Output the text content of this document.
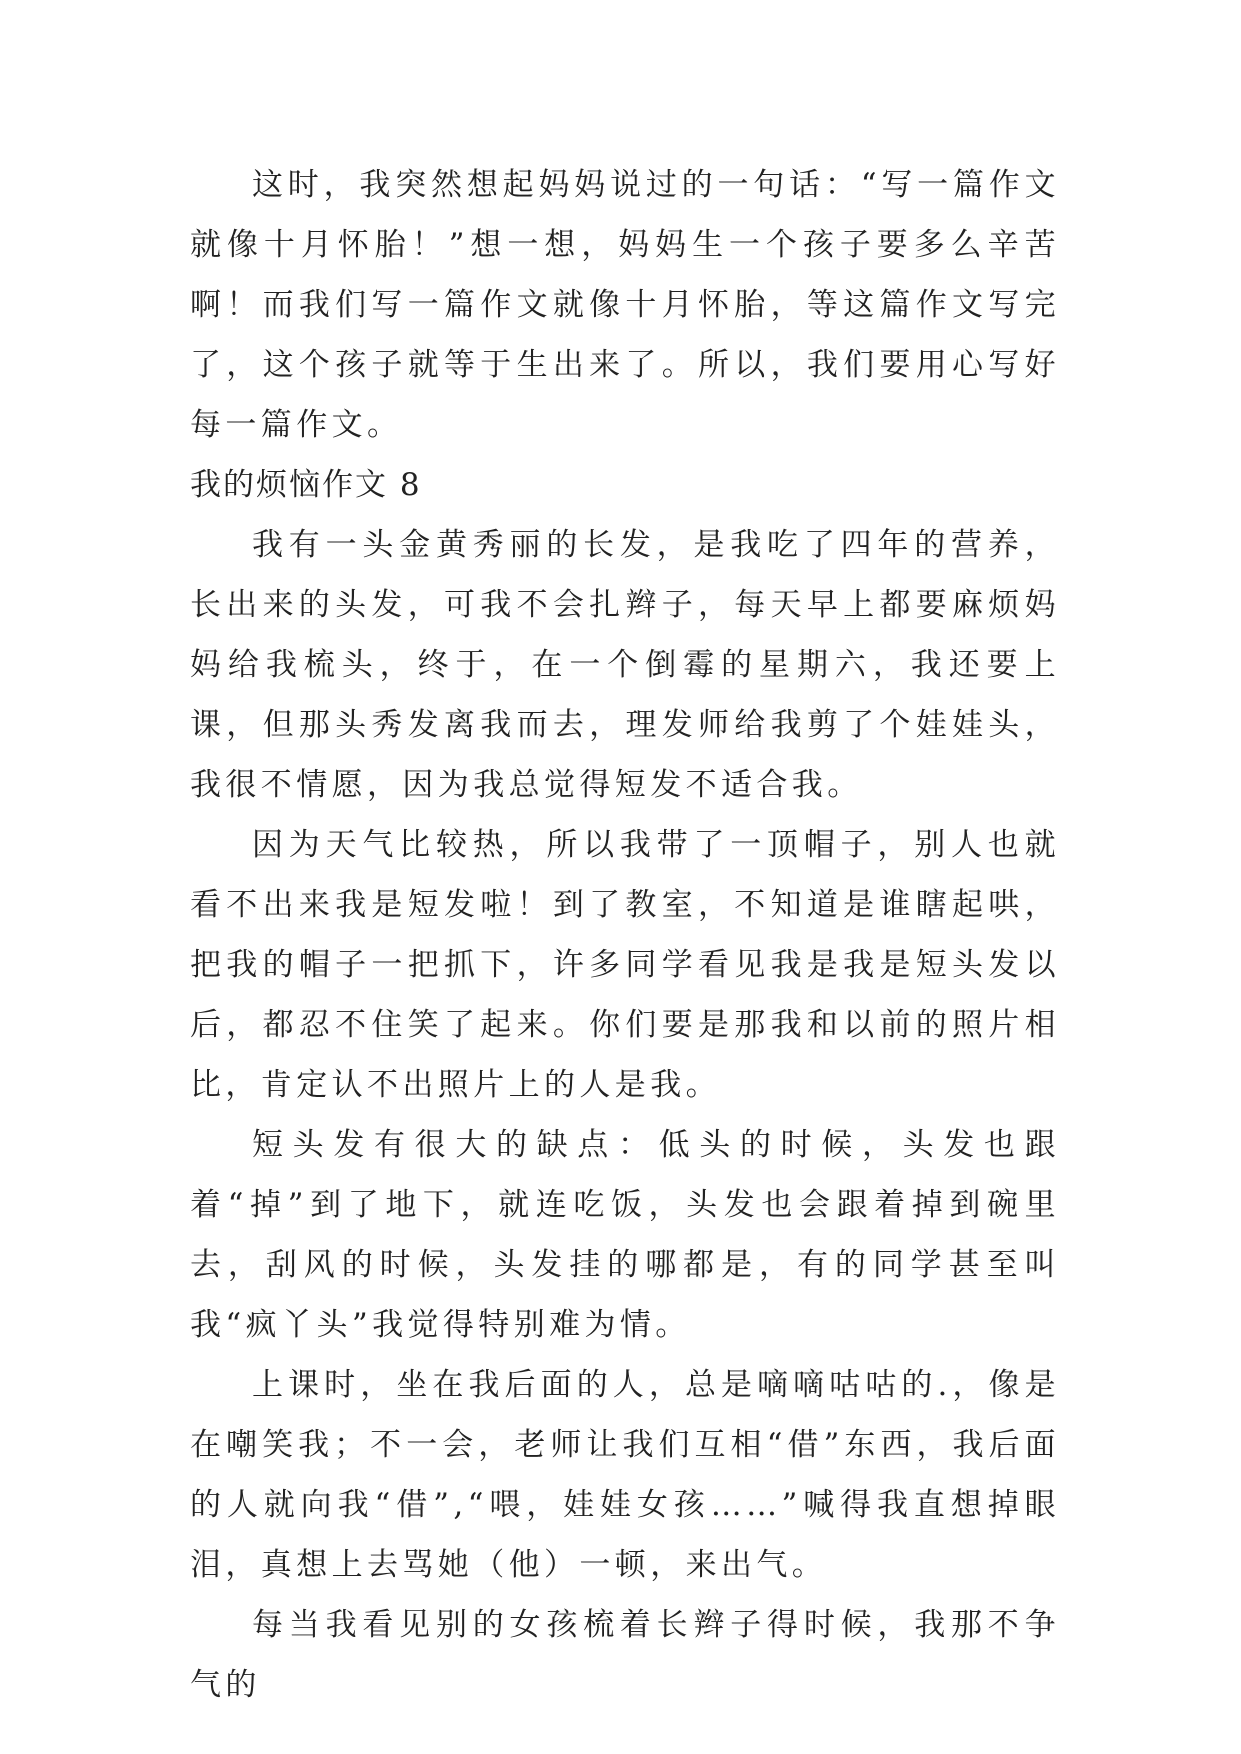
这时，我突然想起妈妈说过的一句话：“写一篇作文就像十月怀胎！”想一想，妈妈生一个孩子要多么辛苦啊！而我们写一篇作文就像十月怀胎，等这篇作文写完了，这个孩子就等于生出来了。所以，我们要用心写好每一篇作文。

我的烦恼作文 8

我有一头金黄秀丽的长发，是我吃了四年的营养，长出来的头发，可我不会扎辫子，每天早上都要麻烦妈妈给我梳头，终于，在一个倒霉的星期六，我还要上课，但那头秀发离我而去，理发师给我剪了个娃娃头，我很不情愿，因为我总觉得短发不适合我。

因为天气比较热，所以我带了一顶帽子，别人也就看不出来我是短发啦！到了教室，不知道是谁瞎起哄，把我的帽子一把抓下，许多同学看见我是我是短头发以后，都忍不住笑了起来。你们要是那我和以前的照片相比，肯定认不出照片上的人是我。

短头发有很大的缺点：低头的时候，头发也跟着“掉”到了地下，就连吃饭，头发也会跟着掉到碗里去，刮风的时候，头发挂的哪都是，有的同学甚至叫我“疯丫头”我觉得特别难为情。

上课时，坐在我后面的人，总是嘀嘀咕咕的.，像是在嘲笑我；不一会，老师让我们互相“借”东西，我后面的人就向我“借”,“喂，娃娃女孩……”喊得我直想掉眼泪，真想上去骂她（他）一顿，来出气。

每当我看见别的女孩梳着长辫子得时候，我那不争气的
